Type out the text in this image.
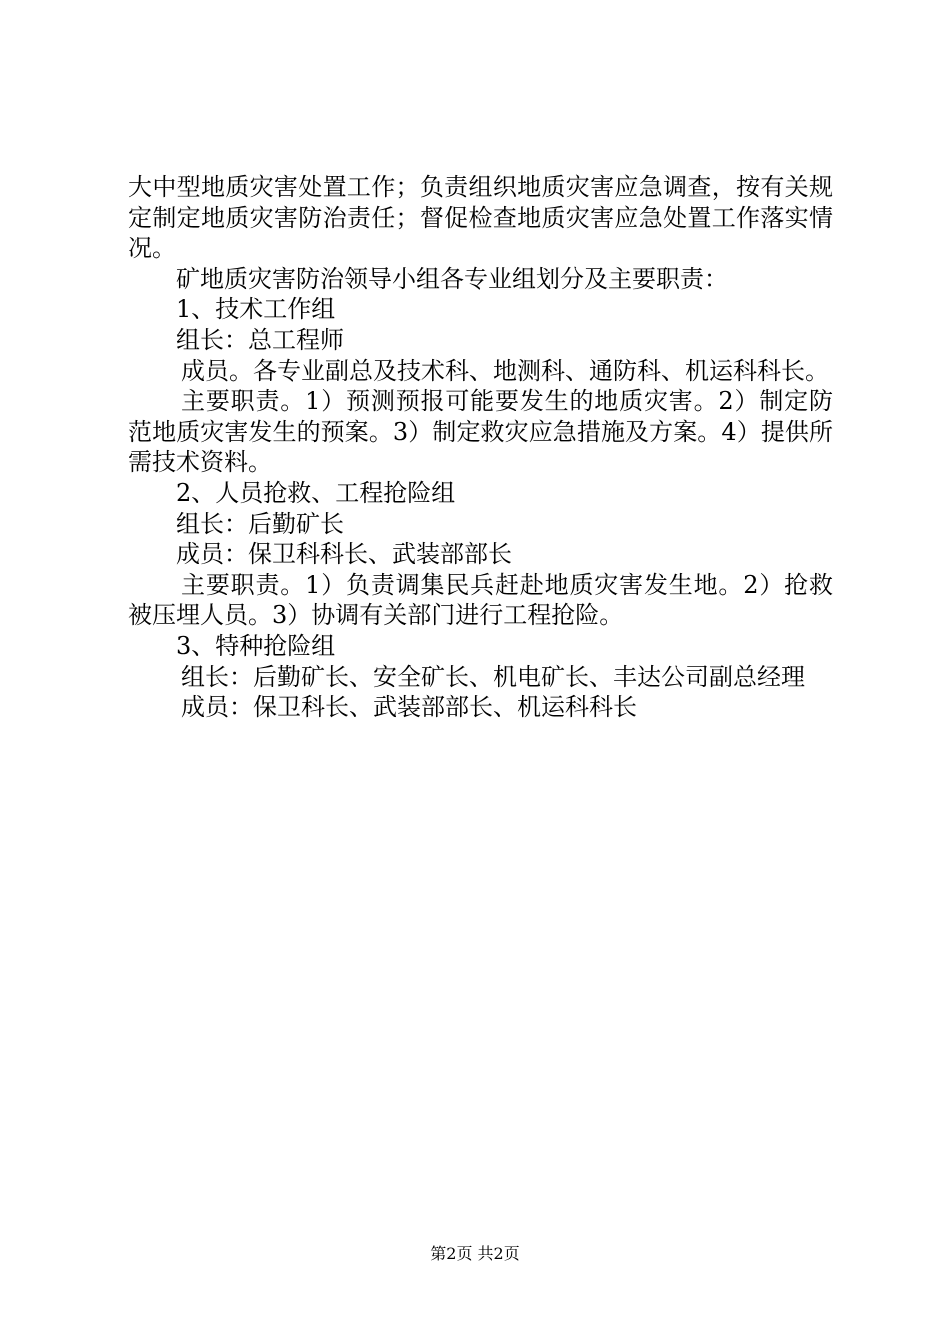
大中型地质灾害处置工作；负责组织地质灾害应急调查，按有关规定制定地质灾害防治责任；督促检查地质灾害应急处置工作落实情况。

矿地质灾害防治领导小组各专业组划分及主要职责：

1、技术工作组

组长：总工程师

成员。各专业副总及技术科、地测科、通防科、机运科科长。

主要职责。1）预测预报可能要发生的地质灾害。2）制定防范地质灾害发生的预案。3）制定救灾应急措施及方案。4）提供所需技术资料。

2、人员抢救、工程抢险组

组长：后勤矿长

成员：保卫科科长、武装部部长

主要职责。1）负责调集民兵赶赴地质灾害发生地。2）抢救被压埋人员。3）协调有关部门进行工程抢险。

3、特种抢险组

组长：后勤矿长、安全矿长、机电矿长、丰达公司副总经理

成员：保卫科长、武装部部长、机运科科长

第2页 共2页
